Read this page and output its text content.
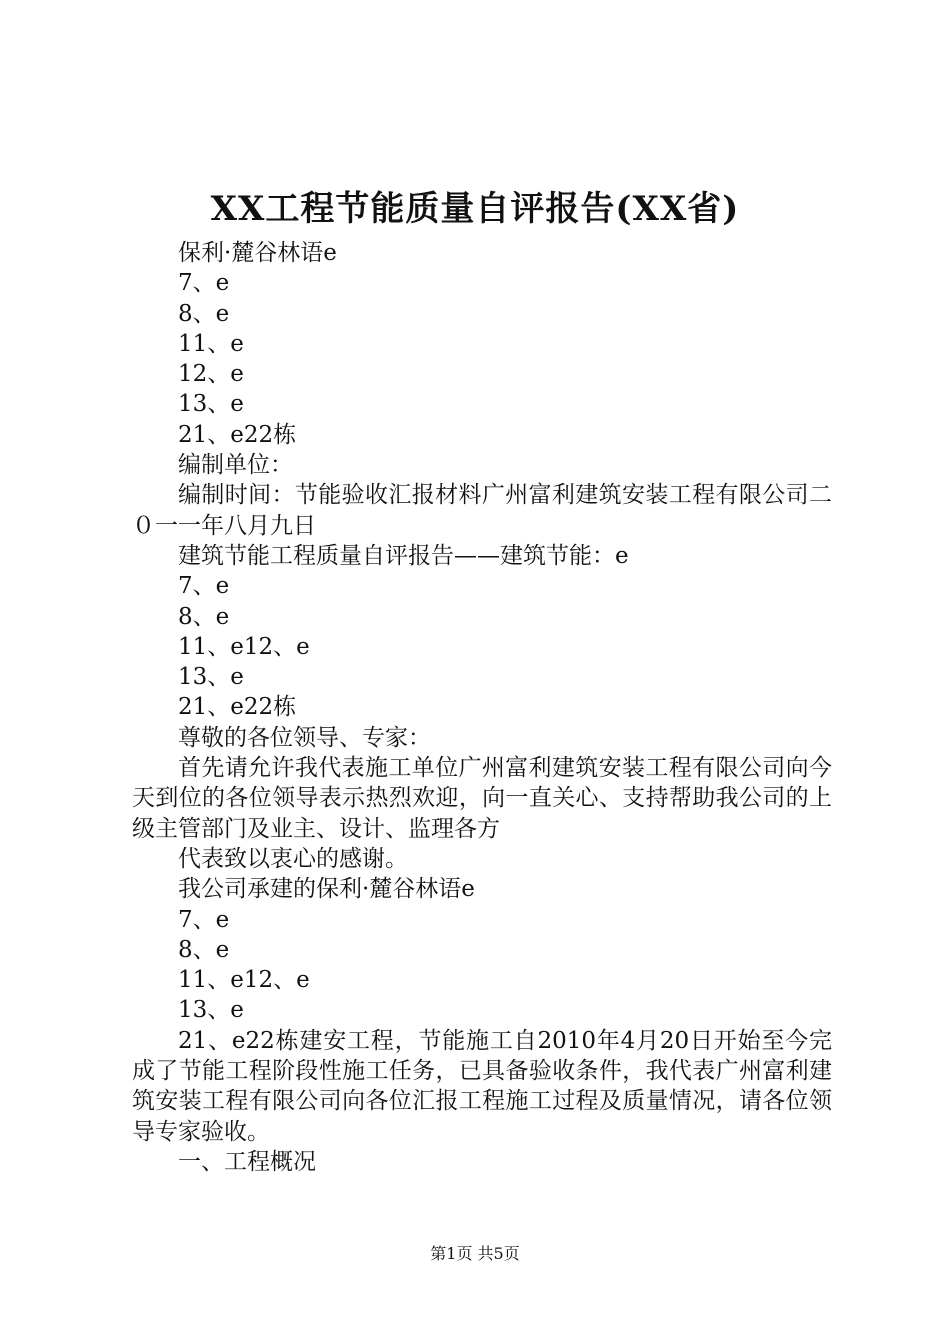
XX工程节能质量自评报告(XX省)

保利·麓谷林语e

7、e

8、e

11、e

12、e

13、e

21、e22栋

编制单位：

编制时间：节能验收汇报材料广州富利建筑安装工程有限公司二０一一年八月九日

建筑节能工程质量自评报告——建筑节能：e

7、e

8、e

11、e12、e

13、e

21、e22栋

尊敬的各位领导、专家：

首先请允许我代表施工单位广州富利建筑安装工程有限公司向今天到位的各位领导表示热烈欢迎，向一直关心、支持帮助我公司的上级主管部门及业主、设计、监理各方

代表致以衷心的感谢。

我公司承建的保利·麓谷林语e

7、e

8、e

11、e12、e

13、e

21、e22栋建安工程，节能施工自2010年4月20日开始至今完成了节能工程阶段性施工任务，已具备验收条件，我代表广州富利建筑安装工程有限公司向各位汇报工程施工过程及质量情况，请各位领导专家验收。

一、工程概况

第1页 共5页
